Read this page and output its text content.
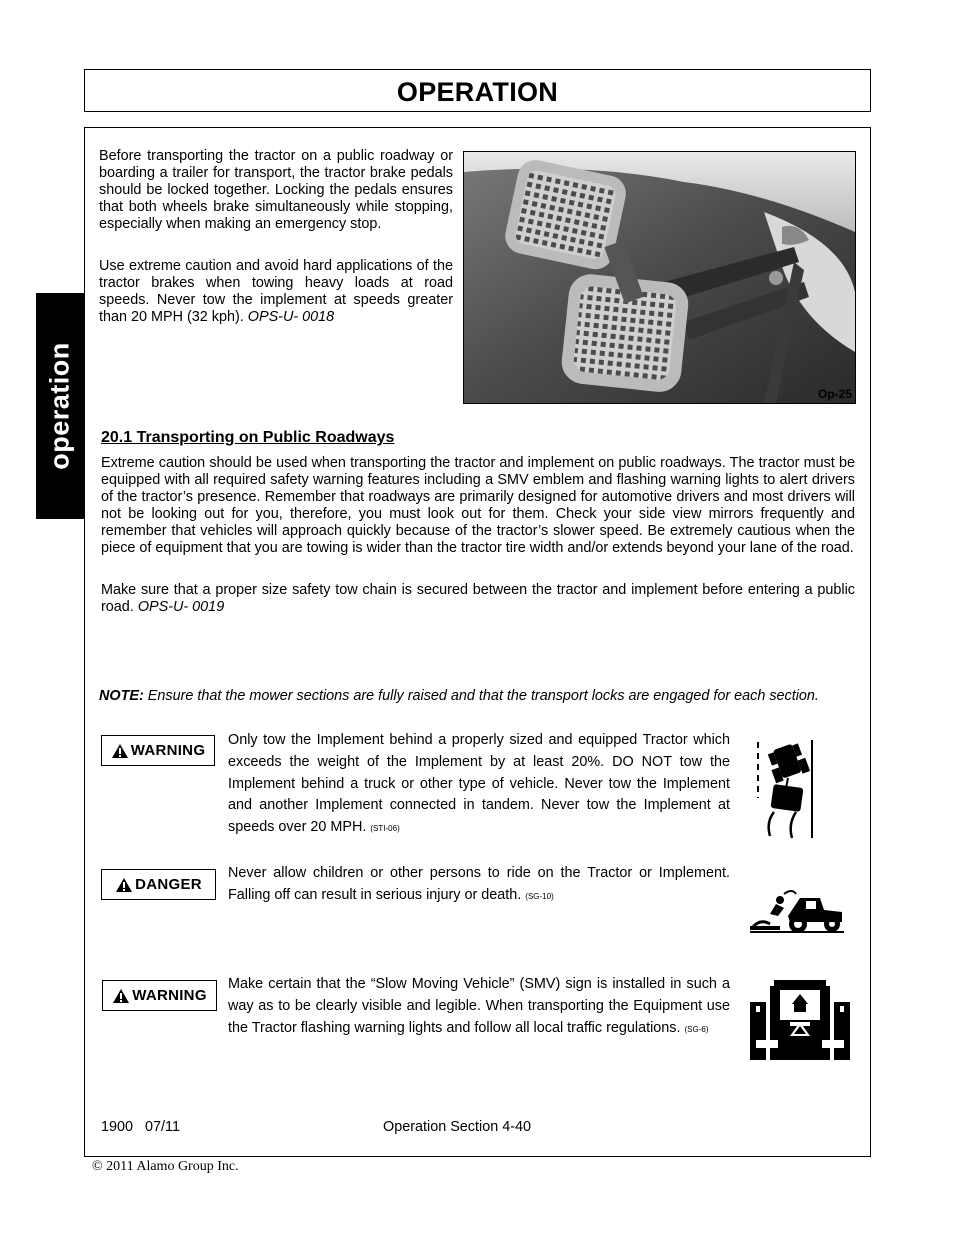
OPERATION
operation

Before transporting the tractor on a public roadway or boarding a trailer for transport, the tractor brake pedals should be locked together. Locking the pedals ensures that both wheels brake simultaneously while stopping, especially when making an emergency stop.

Use extreme caution and avoid hard applications of the tractor brakes when towing heavy loads at road speeds. Never tow the implement at speeds greater than 20 MPH (32 kph). OPS-U- 0018

Op-25
20.1 Transporting on Public Roadways

Extreme caution should be used when transporting the tractor and implement on public roadways. The tractor must be equipped with all required safety warning features including a SMV emblem and flashing warning lights to alert drivers of the tractor’s presence. Remember that roadways are primarily designed for automotive drivers and most drivers will not be looking out for you, therefore, you must look out for them. Check your side view mirrors frequently and remember that vehicles will approach quickly because of the tractor’s slower speed. Be extremely cautious when the piece of equipment that you are towing is wider than the tractor tire width and/or extends beyond your lane of the road.

Make sure that a proper size safety tow chain is secured between the tractor and implement before entering a public road. OPS-U- 0019

NOTE: Ensure that the mower sections are fully raised and that the transport locks are engaged for each section.

WARNING

Only tow the Implement behind a properly sized and equipped Tractor which exceeds the weight of the Implement by at least 20%. DO NOT tow the Implement behind a truck or other type of vehicle. Never tow the Implement and another Implement connected in tandem. Never tow the Implement at speeds over 20 MPH. (STI-06)

DANGER

Never allow children or other persons to ride on the Tractor or Implement. Falling off can result in serious injury or death. (SG-10)

WARNING

Make certain that the “Slow Moving Vehicle” (SMV) sign is installed in such a way as to be clearly visible and legible. When transporting the Equipment use the Tractor flashing warning lights and follow all local traffic regulations. (SG-6)

1900   07/11	Operation Section 4-40
© 2011 Alamo Group Inc.
